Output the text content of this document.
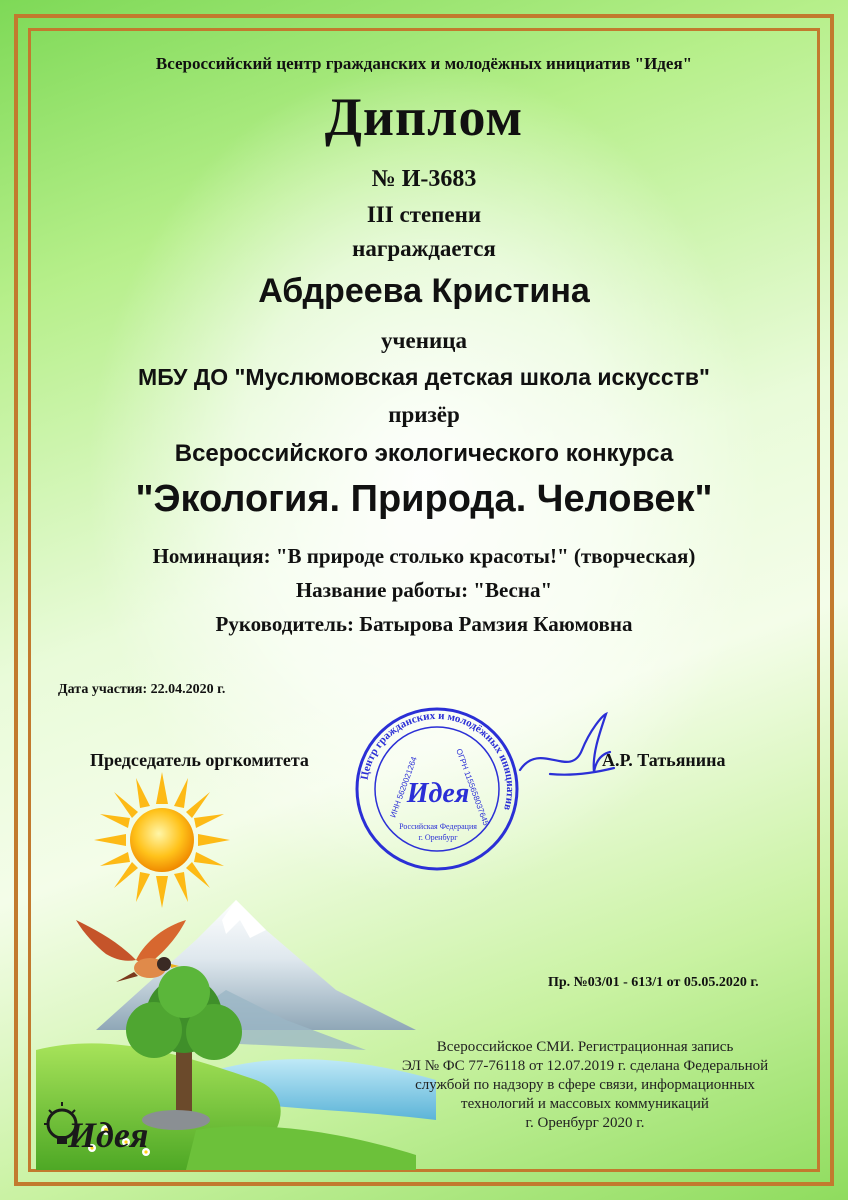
Всероссийский центр гражданских и молодёжных инициатив "Идея"
Диплом
№ И-3683
III степени
награждается
Абдреева Кристина
ученица
МБУ ДО "Муслюмовская детская школа искусств"
призёр
Всероссийского экологического конкурса
"Экология. Природа. Человек"
Номинация: "В природе столько красоты!" (творческая)
Название работы: "Весна"
Руководитель: Батырова Рамзия Каюмовна
Дата участия: 22.04.2020 г.
Председатель оргкомитета	А.Р. Татьянина
Центр гражданских и молодёжных инициатив
ИНН 5620021264	ОГРН 1155658037645
Идея
Российская Федерация
г. Оренбург
Пр. №03/01 - 613/1 от 05.05.2020 г.
Всероссийское СМИ. Регистрационная запись
ЭЛ № ФС 77-76118 от 12.07.2019 г. сделана Федеральной
службой по надзору в сфере связи, информационных
технологий и массовых коммуникаций
г. Оренбург 2020 г.
Идея
